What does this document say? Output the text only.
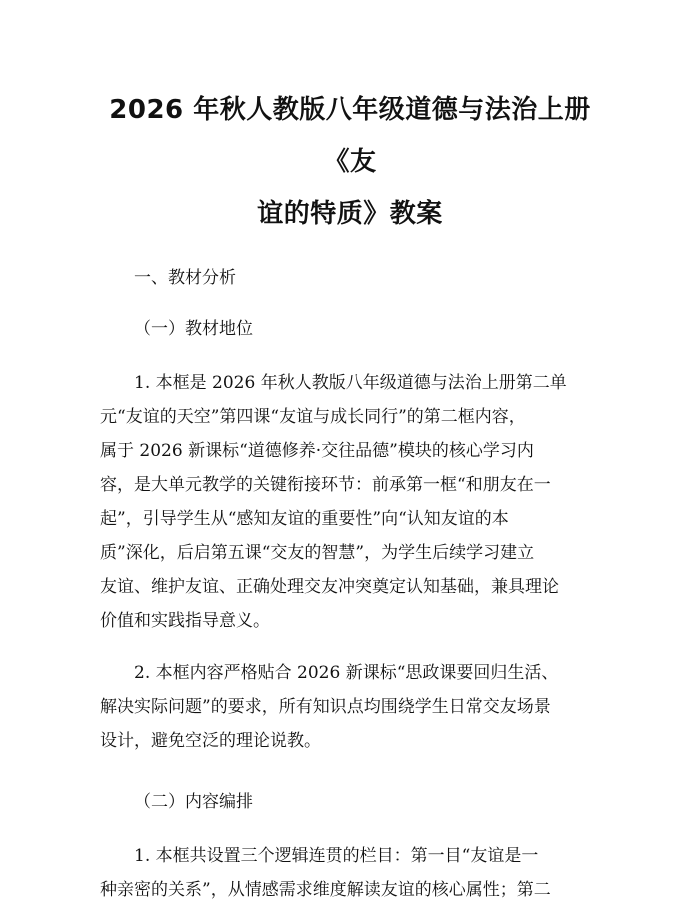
2026 年秋人教版八年级道德与法治上册《友
谊的特质》教案

一、教材分析

（一）教材地位

1. 本框是 2026 年秋人教版八年级道德与法治上册第二单
元“友谊的天空”第四课“友谊与成长同行”的第二框内容，
属于 2026 新课标“道德修养·交往品德”模块的核心学习内
容，是大单元教学的关键衔接环节：前承第一框“和朋友在一
起”，引导学生从“感知友谊的重要性”向“认知友谊的本
质”深化，后启第五课“交友的智慧”，为学生后续学习建立
友谊、维护友谊、正确处理交友冲突奠定认知基础，兼具理论
价值和实践指导意义。

2. 本框内容严格贴合 2026 新课标“思政课要回归生活、
解决实际问题”的要求，所有知识点均围绕学生日常交友场景
设计，避免空泛的理论说教。

（二）内容编排

1. 本框共设置三个逻辑连贯的栏目：第一目“友谊是一
种亲密的关系”，从情感需求维度解读友谊的核心属性；第二
